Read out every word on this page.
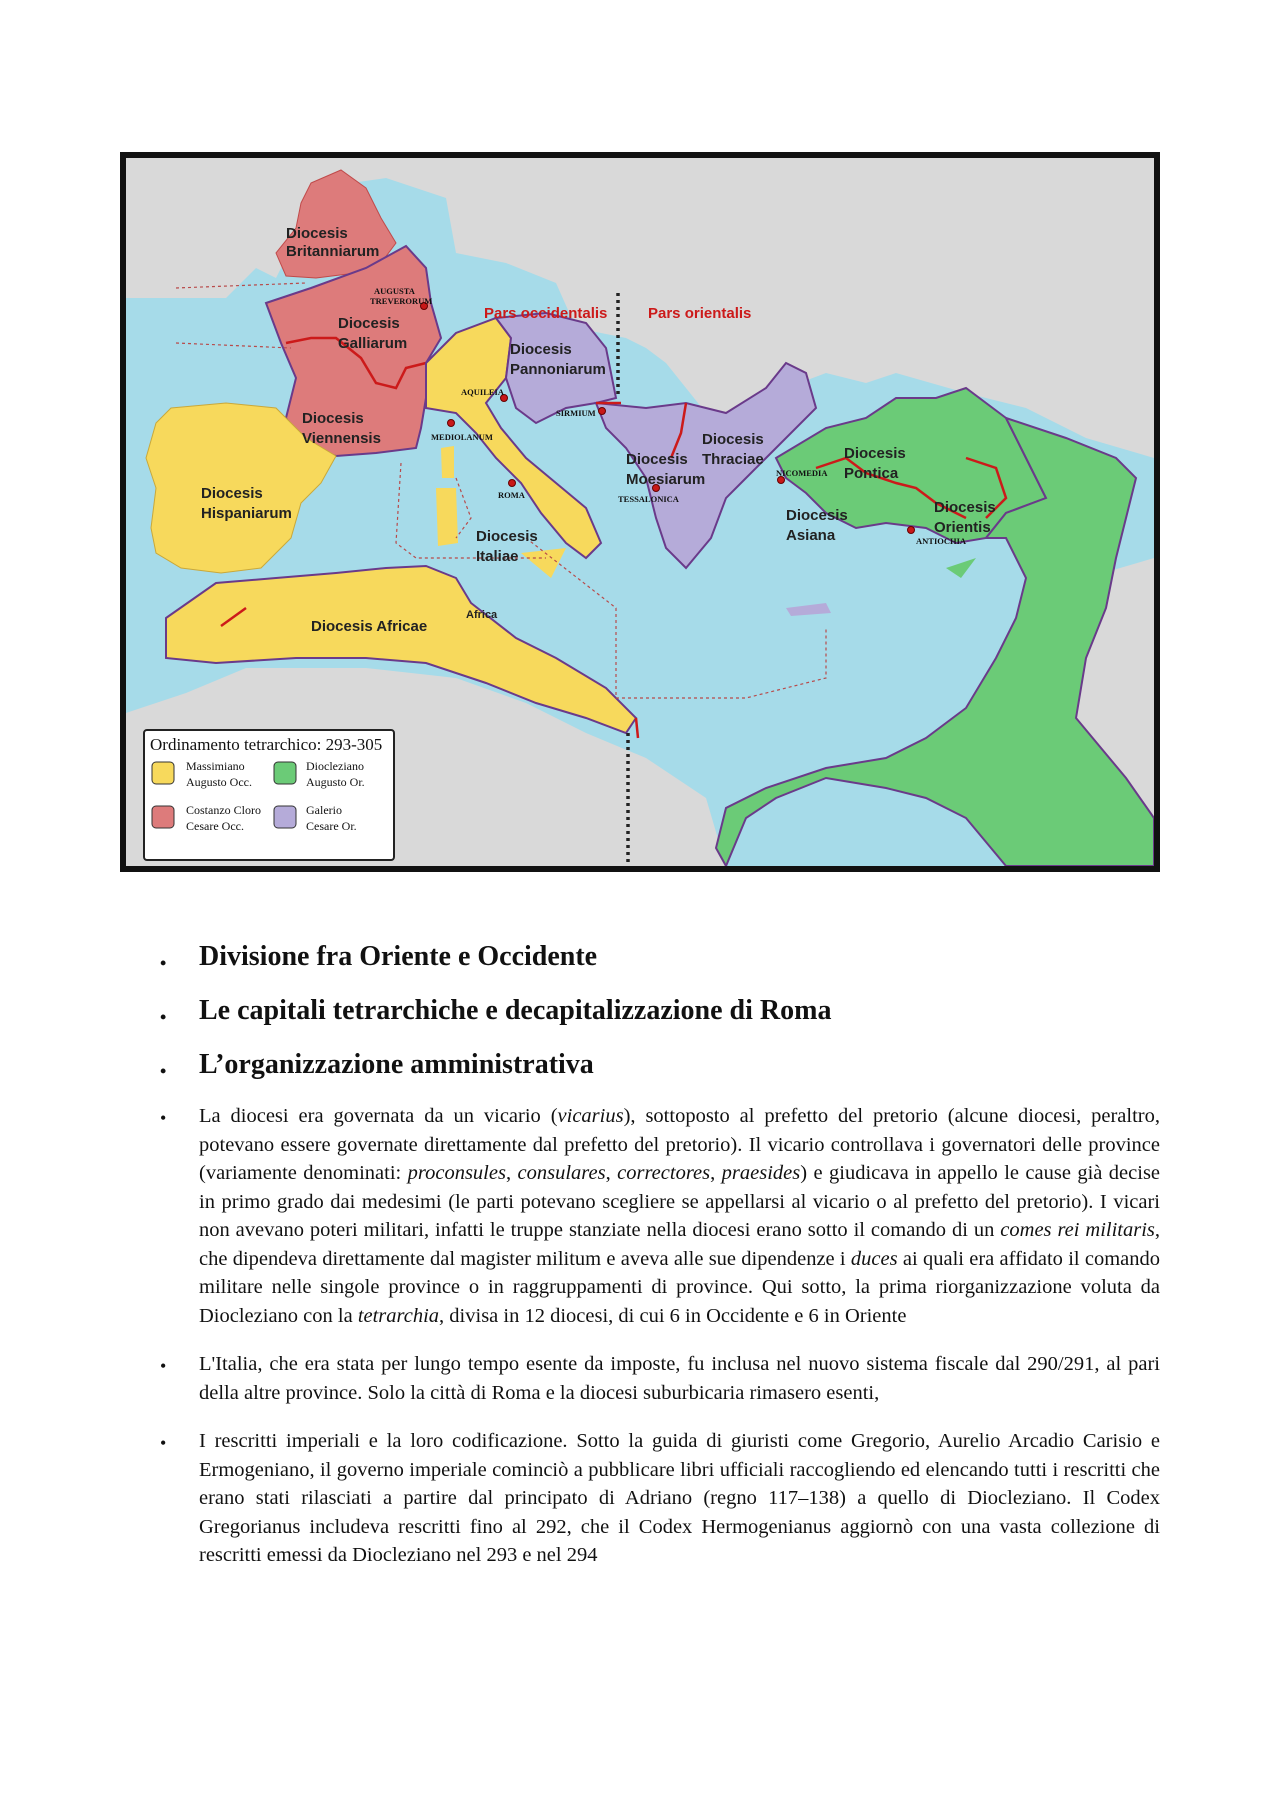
Diocesis
Britanniarum
Diocesis
Galliarum
Diocesis
Viennensis
Diocesis
Hispaniarum
Diocesis
Italiae
Diocesis
Pannoniarum
Diocesis
Moesiarum
Diocesis
Thraciae	Diocesis
Pontica
Diocesis
Asiana
Diocesis
Orientis
Diocesis Africae
Africa
Pars occidentalis	Pars orientalis
AUGUSTA
TREVERORUM
AQUILEIA
MEDIOLANUM
ROMA
SIRMIUM
TESSALONICA
NICOMEDIA
ANTIOCHIA
Ordinamento tetrarchico: 293-305
Massimiano
Augusto Occ.
Diocleziano
Augusto Or.
Costanzo Cloro
Cesare Occ.
Galerio
Cesare Or.
• Divisione fra Oriente e Occidente
• Le capitali tetrarchiche e decapitalizzazione di Roma
• L’organizzazione amministrativa
• La diocesi era governata da un vicario (vicarius), sottoposto al prefetto del pretorio (alcune diocesi, peraltro, potevano essere governate direttamente dal prefetto del pretorio). Il vicario controllava i governatori delle province (variamente denominati: proconsules, consulares, correctores, praesides) e giudicava in appello le cause già decise in primo grado dai medesimi (le parti potevano scegliere se appellarsi al vicario o al prefetto del pretorio). I vicari non avevano poteri militari, infatti le truppe stanziate nella diocesi erano sotto il comando di un comes rei militaris, che dipendeva direttamente dal magister militum e aveva alle sue dipendenze i duces ai quali era affidato il comando militare nelle singole province o in raggruppamenti di province. Qui sotto, la prima riorganizzazione voluta da Diocleziano con la tetrarchia, divisa in 12 diocesi, di cui 6 in Occidente e 6 in Oriente
• L'Italia, che era stata per lungo tempo esente da imposte, fu inclusa nel nuovo sistema fiscale dal 290/291, al pari della altre province. Solo la città di Roma e la diocesi suburbicaria rimasero esenti,
• I rescritti imperiali e la loro codificazione. Sotto la guida di giuristi come Gregorio, Aurelio Arcadio Carisio e Ermogeniano, il governo imperiale cominciò a pubblicare libri ufficiali raccogliendo ed elencando tutti i rescritti che erano stati rilasciati a partire dal principato di Adriano (regno 117–138) a quello di Diocleziano. Il Codex Gregorianus includeva rescritti fino al 292, che il Codex Hermogenianus aggiornò con una vasta collezione di rescritti emessi da Diocleziano nel 293 e nel 294
